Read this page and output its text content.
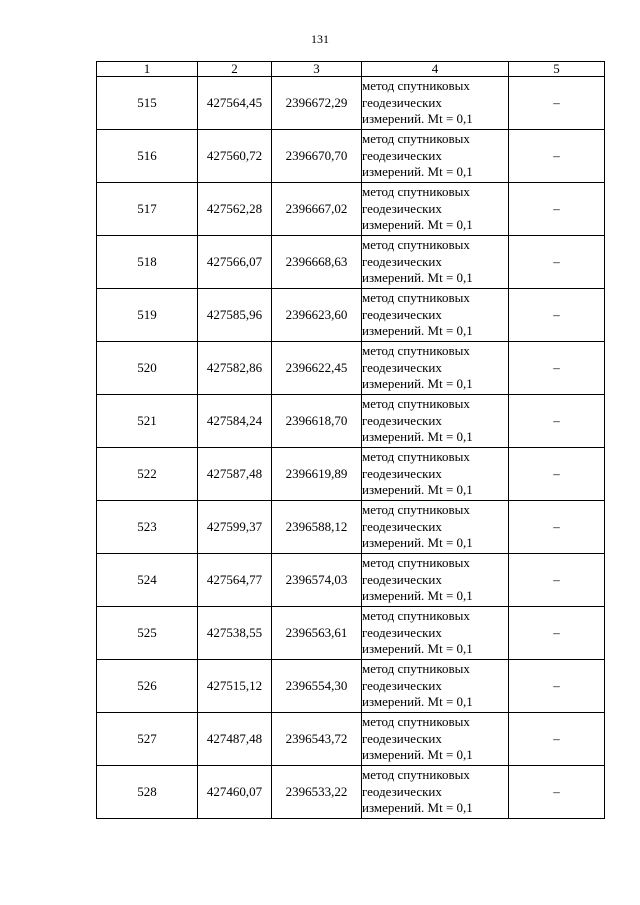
131
1	2	3	4	5
515	427564,45	2396672,29	метод спутниковых
геодезических
измерений. Mt = 0,1	–
516	427560,72	2396670,70	метод спутниковых
геодезических
измерений. Mt = 0,1	–
517	427562,28	2396667,02	метод спутниковых
геодезических
измерений. Mt = 0,1	–
518	427566,07	2396668,63	метод спутниковых
геодезических
измерений. Mt = 0,1	–
519	427585,96	2396623,60	метод спутниковых
геодезических
измерений. Mt = 0,1	–
520	427582,86	2396622,45	метод спутниковых
геодезических
измерений. Mt = 0,1	–
521	427584,24	2396618,70	метод спутниковых
геодезических
измерений. Mt = 0,1	–
522	427587,48	2396619,89	метод спутниковых
геодезических
измерений. Mt = 0,1	–
523	427599,37	2396588,12	метод спутниковых
геодезических
измерений. Mt = 0,1	–
524	427564,77	2396574,03	метод спутниковых
геодезических
измерений. Mt = 0,1	–
525	427538,55	2396563,61	метод спутниковых
геодезических
измерений. Mt = 0,1	–
526	427515,12	2396554,30	метод спутниковых
геодезических
измерений. Mt = 0,1	–
527	427487,48	2396543,72	метод спутниковых
геодезических
измерений. Mt = 0,1	–
528	427460,07	2396533,22	метод спутниковых
геодезических
измерений. Mt = 0,1	–
